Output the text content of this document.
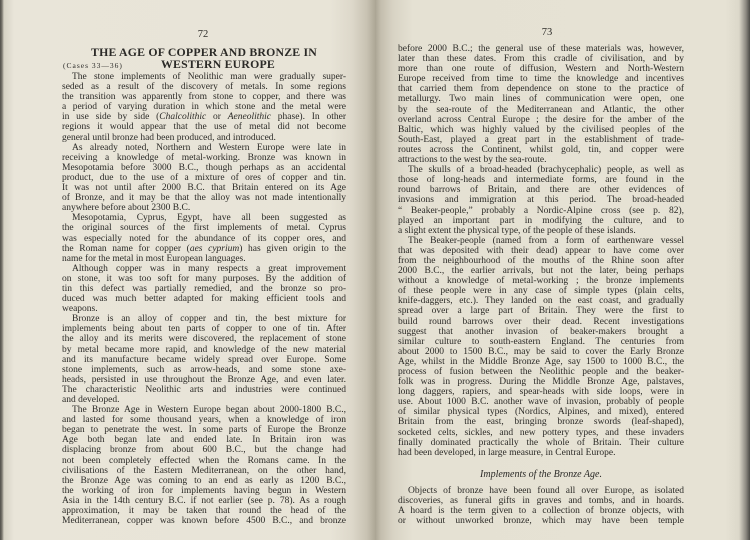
72
THE AGE OF COPPER AND BRONZE IN
WESTERN EUROPE
(Cases 33—36)
The stone implements of Neolithic man were gradually super-
seded as a result of the discovery of metals. In some regions
the transition was apparently from stone to copper, and there was
a period of varying duration in which stone and the metal were
in use side by side (Chalcolithic or Aeneolithic phase). In other
regions it would appear that the use of metal did not become
general until bronze had been produced, and introduced.
As already noted, Northern and Western Europe were late in
receiving a knowledge of metal-working. Bronze was known in
Mesopotamia before 3000 B.C., though perhaps as an accidental
product, due to the use of a mixture of ores of copper and tin.
It was not until after 2000 B.C. that Britain entered on its Age
of Bronze, and it may be that the alloy was not made intentionally
anywhere before about 2300 B.C.
Mesopotamia, Cyprus, Egypt, have all been suggested as
the original sources of the first implements of metal. Cyprus
was especially noted for the abundance of its copper ores, and
the Roman name for copper (aes cyprium) has given origin to the
name for the metal in most European languages.
Although copper was in many respects a great improvement
on stone, it was too soft for many purposes. By the addition of
tin this defect was partially remedied, and the bronze so pro-
duced was much better adapted for making efficient tools and
weapons.
Bronze is an alloy of copper and tin, the best mixture for
implements being about ten parts of copper to one of tin. After
the alloy and its merits were discovered, the replacement of stone
by metal became more rapid, and knowledge of the new material
and its manufacture became widely spread over Europe. Some
stone implements, such as arrow-heads, and some stone axe-
heads, persisted in use throughout the Bronze Age, and even later.
The characteristic Neolithic arts and industries were continued
and developed.
The Bronze Age in Western Europe began about 2000-1800 B.C.,
and lasted for some thousand years, when a knowledge of iron
began to penetrate the west. In some parts of Europe the Bronze
Age both began late and ended late. In Britain iron was
displacing bronze from about 600 B.C., but the change had
not been completely effected when the Romans came. In the
civilisations of the Eastern Mediterranean, on the other hand,
the Bronze Age was coming to an end as early as 1200 B.C.,
the working of iron for implements having begun in Western
Asia in the 14th century B.C. if not earlier (see p. 78). As a rough
approximation, it may be taken that round the head of the
Mediterranean, copper was known before 4500 B.C., and bronze
73
before 2000 B.C.; the general use of these materials was, however,
later than these dates. From this cradle of civilisation, and by
more than one route of diffusion, Western and North-Western
Europe received from time to time the knowledge and incentives
that carried them from dependence on stone to the practice of
metallurgy. Two main lines of communication were open, one
by the sea-route of the Mediterranean and Atlantic, the other
overland across Central Europe ; the desire for the amber of the
Baltic, which was highly valued by the civilised peoples of the
South-East, played a great part in the establishment of trade-
routes across the Continent, whilst gold, tin, and copper were
attractions to the west by the sea-route.
The skulls of a broad-headed (brachycephalic) people, as well as
those of long-heads and intermediate forms, are found in the
round barrows of Britain, and there are other evidences of
invasions and immigration at this period. The broad-headed
“ Beaker-people,” probably a Nordic-Alpine cross (see p. 82),
played an important part in modifying the culture, and to
a slight extent the physical type, of the people of these islands.
The Beaker-people (named from a form of earthenware vessel
that was deposited with their dead) appear to have come over
from the neighbourhood of the mouths of the Rhine soon after
2000 B.C., the earlier arrivals, but not the later, being perhaps
without a knowledge of metal-working ; the bronze implements
of these people were in any case of simple types (plain celts,
knife-daggers, etc.). They landed on the east coast, and gradually
spread over a large part of Britain. They were the first to
build round barrows over their dead. Recent investigations
suggest that another invasion of beaker-makers brought a
similar culture to south-eastern England. The centuries from
about 2000 to 1500 B.C., may be said to cover the Early Bronze
Age, whilst in the Middle Bronze Age, say 1500 to 1000 B.C., the
process of fusion between the Neolithic people and the beaker-
folk was in progress. During the Middle Bronze Age, palstaves,
long daggers, rapiers, and spear-heads with side loops, were in
use. About 1000 B.C. another wave of invasion, probably of people
of similar physical types (Nordics, Alpines, and mixed), entered
Britain from the east, bringing bronze swords (leaf-shaped),
socketed celts, sickles, and new pottery types, and these invaders
finally dominated practically the whole of Britain. Their culture
had been developed, in large measure, in Central Europe.
Implements of the Bronze Age.
Objects of bronze have been found all over Europe, as isolated
discoveries, as funeral gifts in graves and tombs, and in hoards.
A hoard is the term given to a collection of bronze objects, with
or without unworked bronze, which may have been temple
